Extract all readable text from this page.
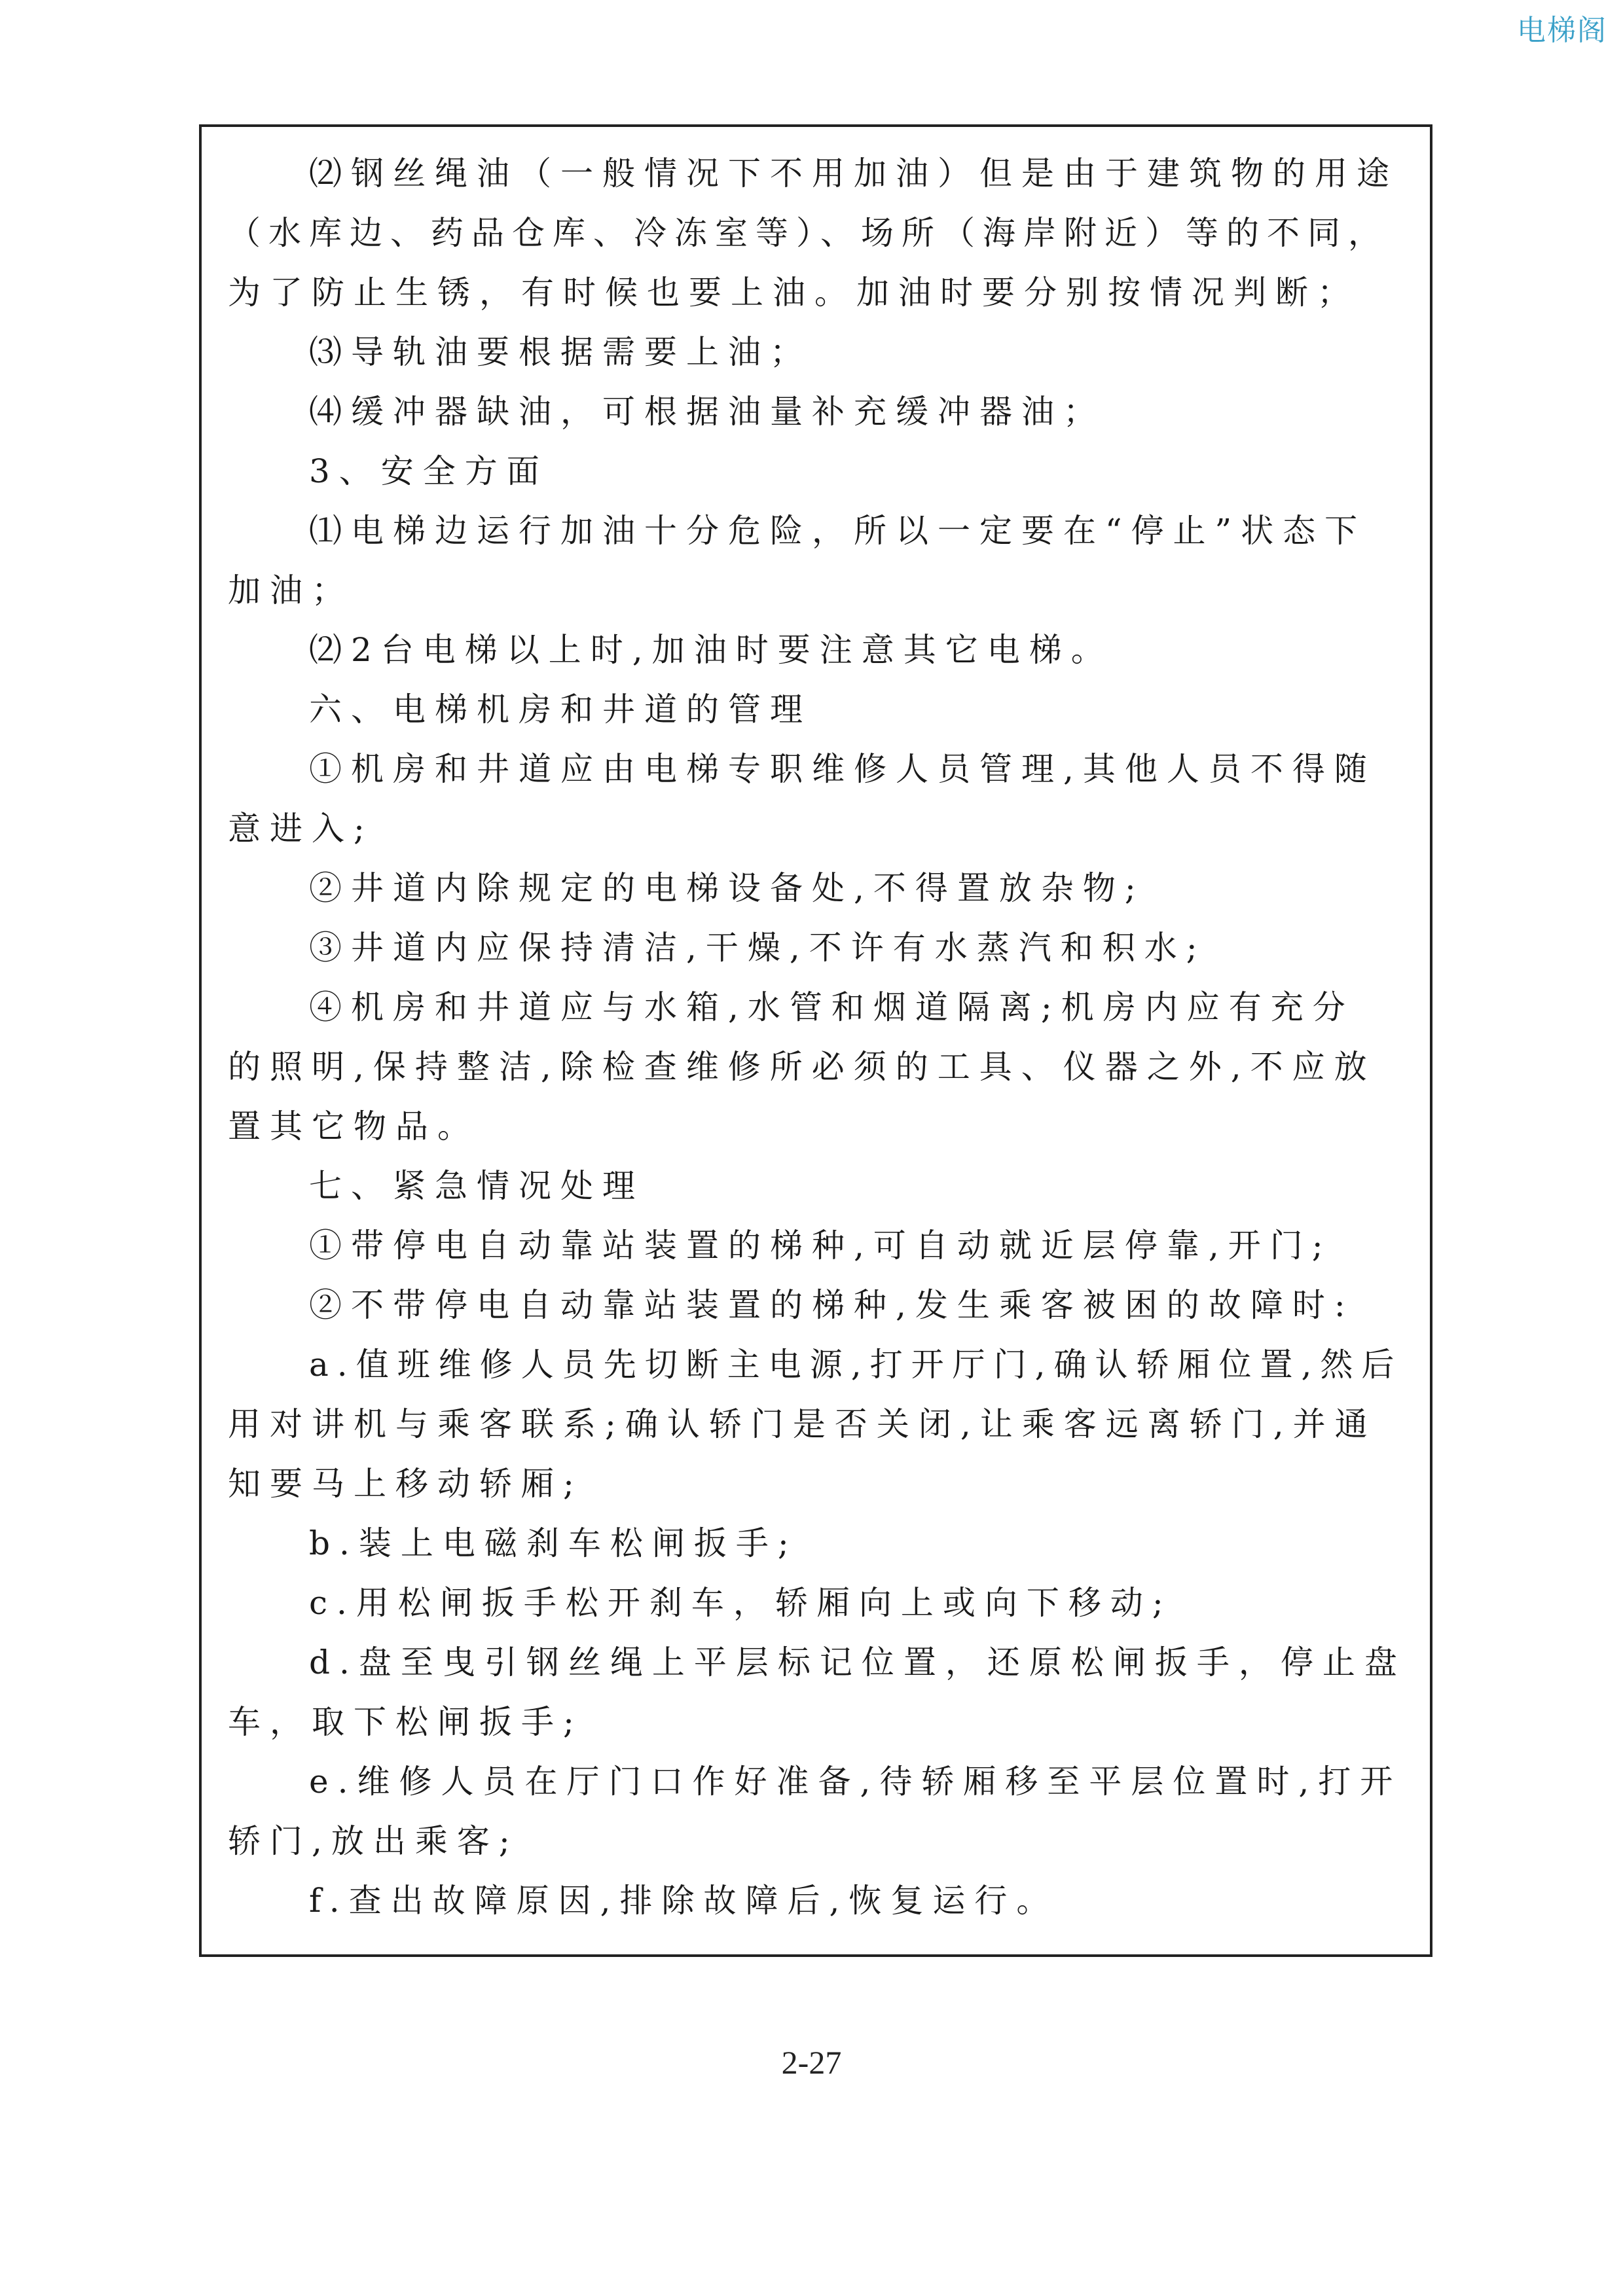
电梯阁
⑵钢丝绳油（一般情况下不用加油）但是由于建筑物的用途
（水库边、药品仓库、冷冻室等）、场所（海岸附近）等的不同，
为了防止生锈，有时候也要上油。加油时要分别按情况判断；
⑶导轨油要根据需要上油；
⑷缓冲器缺油，可根据油量补充缓冲器油；
3、安全方面
⑴电梯边运行加油十分危险，所以一定要在“停止”状态下
加油；
⑵2台电梯以上时,加油时要注意其它电梯。
六、电梯机房和井道的管理
①机房和井道应由电梯专职维修人员管理,其他人员不得随
意进入;
②井道内除规定的电梯设备处,不得置放杂物;
③井道内应保持清洁,干燥,不许有水蒸汽和积水;
④机房和井道应与水箱,水管和烟道隔离;机房内应有充分
的照明,保持整洁,除检查维修所必须的工具、仪器之外,不应放
置其它物品。
七、紧急情况处理
①带停电自动靠站装置的梯种,可自动就近层停靠,开门;
②不带停电自动靠站装置的梯种,发生乘客被困的故障时:
a.值班维修人员先切断主电源,打开厅门,确认轿厢位置,然后
用对讲机与乘客联系;确认轿门是否关闭,让乘客远离轿门,并通
知要马上移动轿厢;
b.装上电磁刹车松闸扳手;
c.用松闸扳手松开刹车，轿厢向上或向下移动;
d.盘至曳引钢丝绳上平层标记位置，还原松闸扳手，停止盘
车，取下松闸扳手;
e.维修人员在厅门口作好准备,待轿厢移至平层位置时,打开
轿门,放出乘客;
f.查出故障原因,排除故障后,恢复运行。
2-27
